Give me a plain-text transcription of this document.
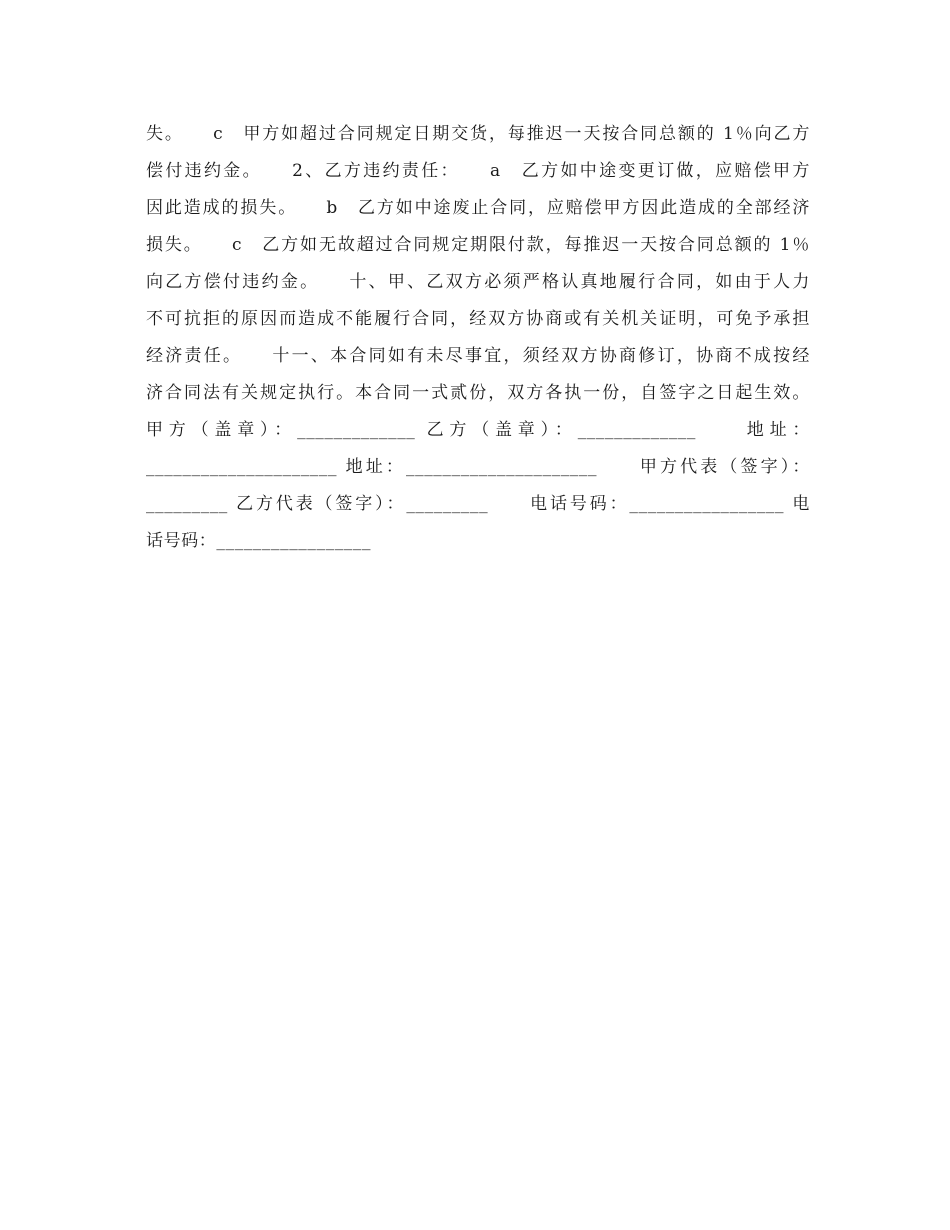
失。　　c　甲方如超过合同规定日期交货，每推迟一天按合同总额的 1％向乙方
偿付违约金。　　2、乙方违约责任：　　a　乙方如中途变更订做，应赔偿甲方
因此造成的损失。　　b　乙方如中途废止合同，应赔偿甲方因此造成的全部经济
损失。　　c　乙方如无故超过合同规定期限付款，每推迟一天按合同总额的 1％
向乙方偿付违约金。　　十、甲、乙双方必须严格认真地履行合同，如由于人力
不可抗拒的原因而造成不能履行合同，经双方协商或有关机关证明，可免予承担
经济责任。　　十一、本合同如有未尽事宜，须经双方协商修订，协商不成按经
济合同法有关规定执行。本合同一式贰份，双方各执一份，自签字之日起生效。
甲方（盖章）：_____________ 乙方（盖章）：_____________　　地址：
_____________________ 地址：_____________________　　甲方代表（签字）：
_________ 乙方代表（签字）：_________　　电话号码：_________________ 电
话号码：_________________
